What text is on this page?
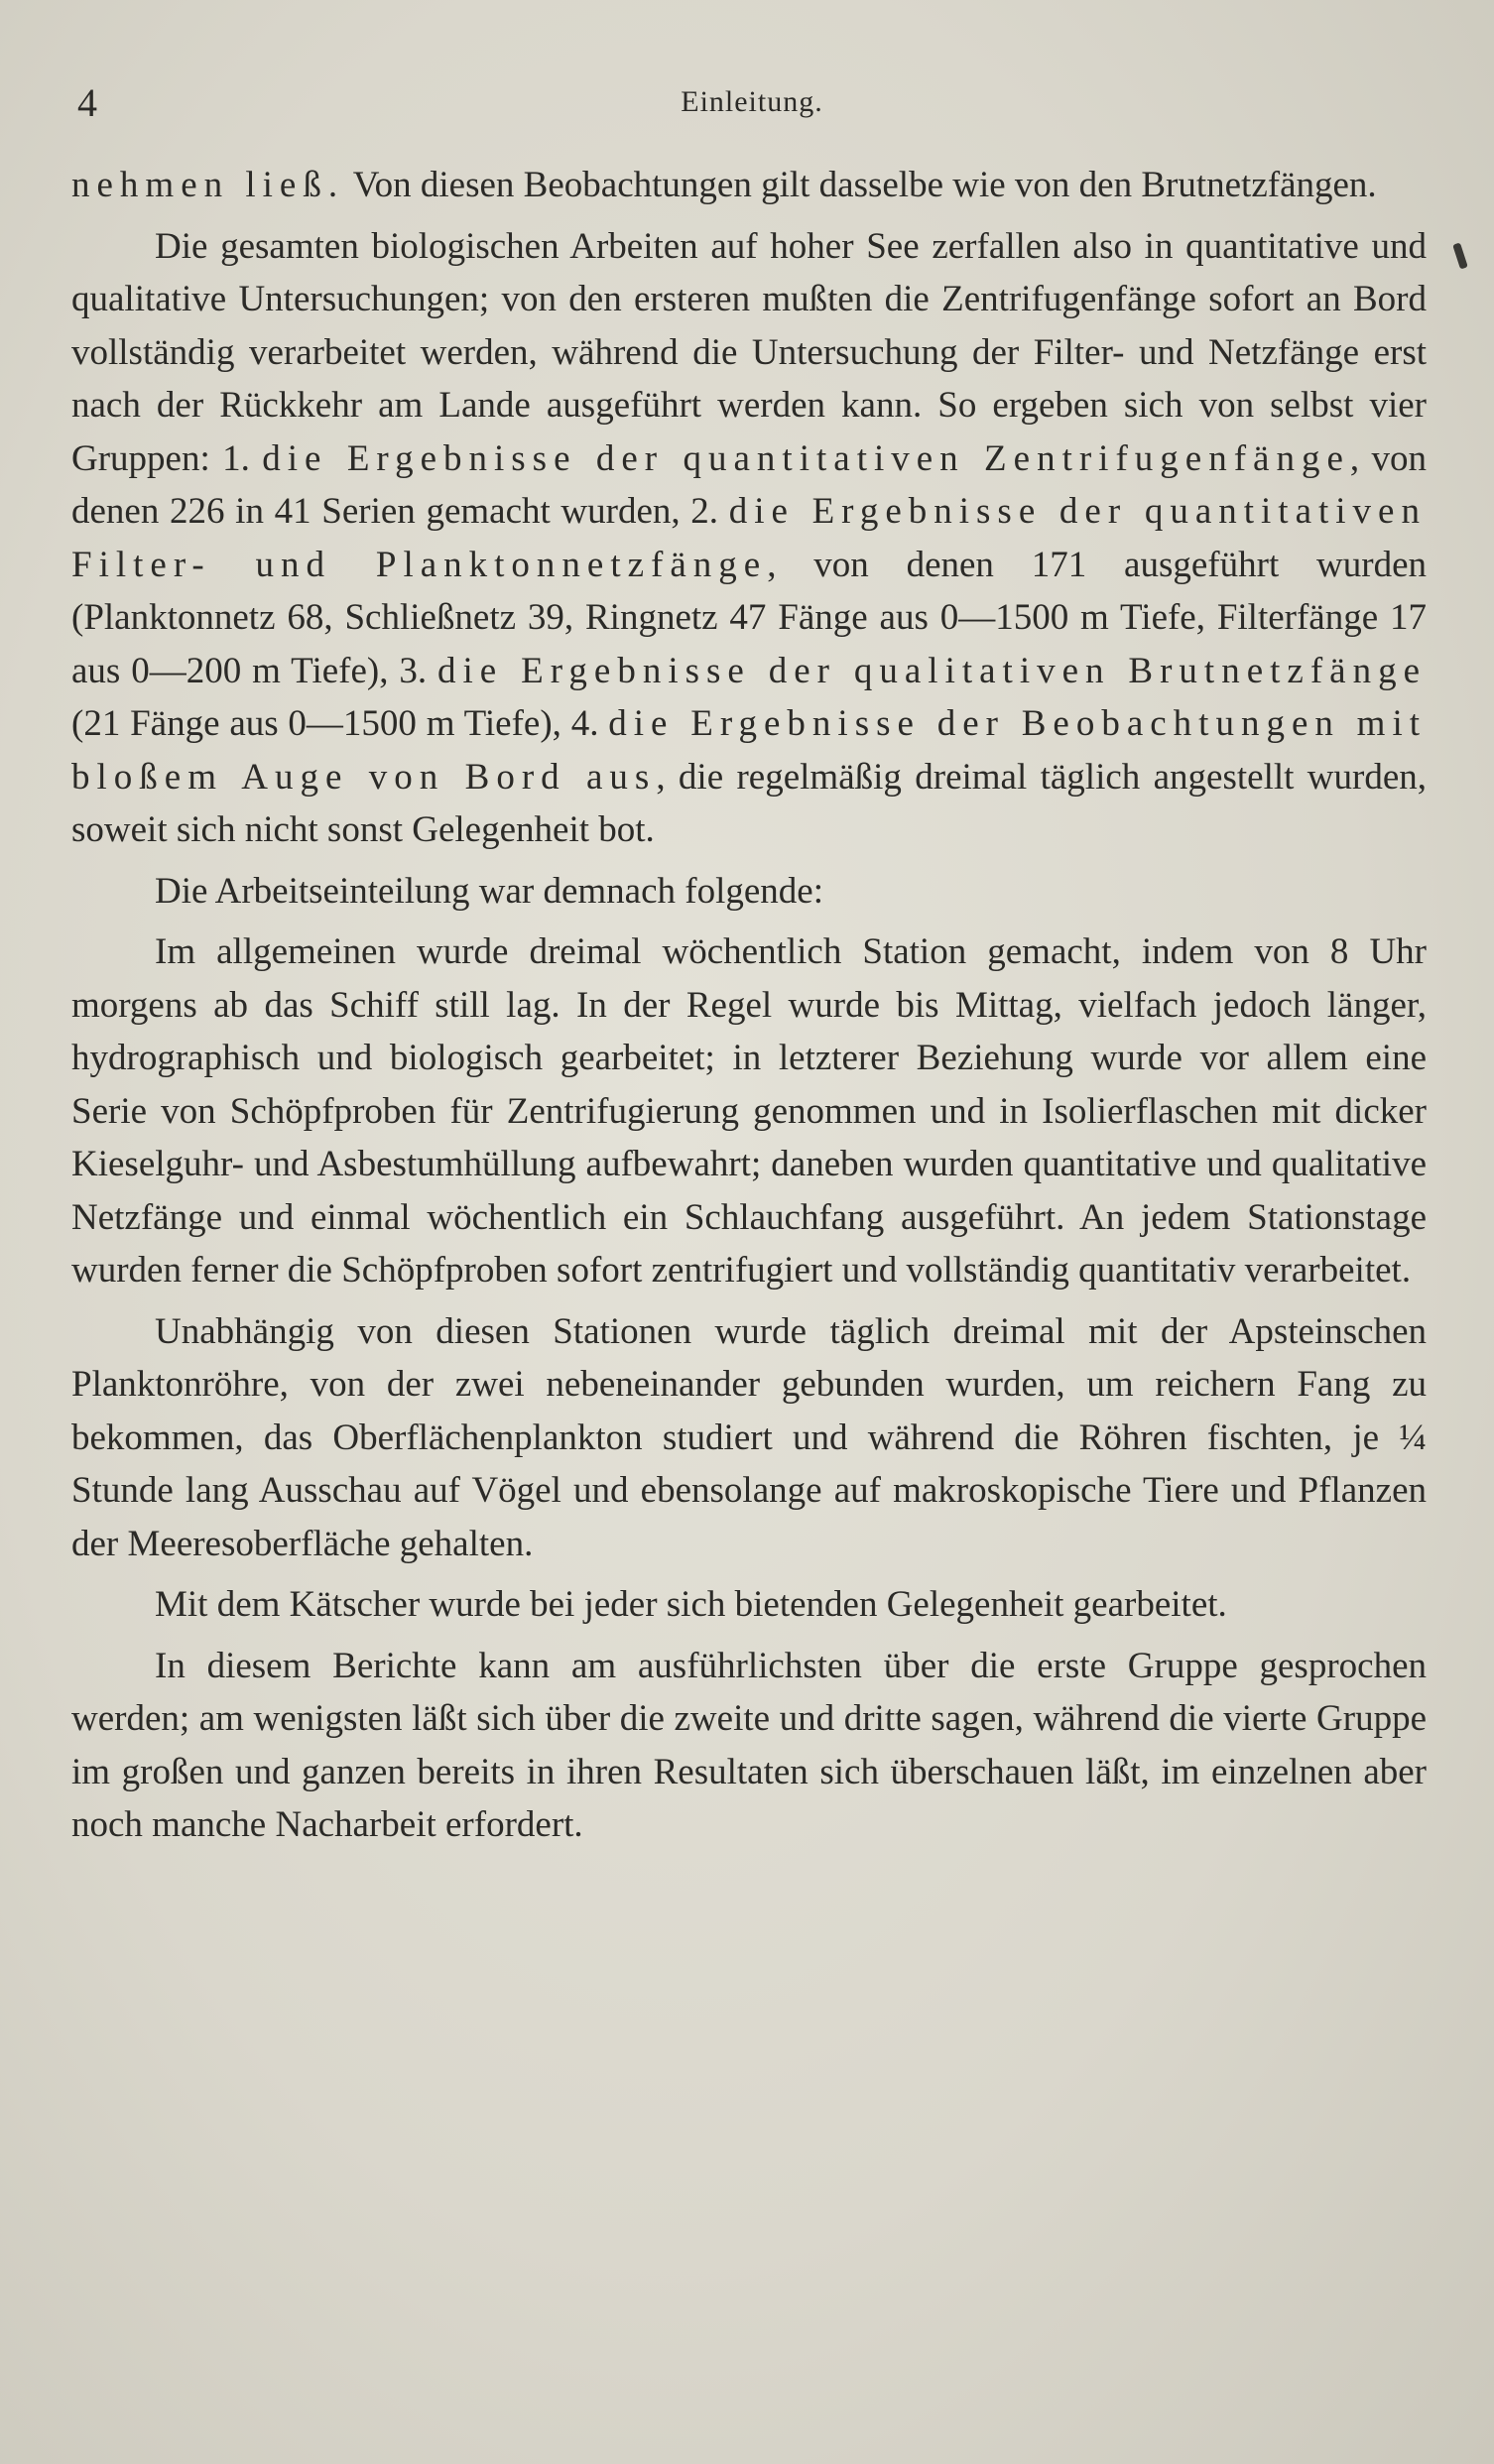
4	Einleitung.

nehmen ließ. Von diesen Beobachtungen gilt dasselbe wie von den Brutnetzfängen.

Die gesamten biologischen Arbeiten auf hoher See zerfallen also in quantitative und qualitative Untersuchungen; von den ersteren mußten die Zentrifugenfänge sofort an Bord vollständig verarbeitet werden, während die Untersuchung der Filter- und Netzfänge erst nach der Rückkehr am Lande ausgeführt werden kann. So ergeben sich von selbst vier Gruppen: 1. die Ergebnisse der quantitativen Zentrifugenfänge, von denen 226 in 41 Serien gemacht wurden, 2. die Ergebnisse der quantitativen Filter- und Planktonnetzfänge, von denen 171 ausgeführt wurden (Planktonnetz 68, Schließnetz 39, Ringnetz 47 Fänge aus 0—1500 m Tiefe, Filterfänge 17 aus 0—200 m Tiefe), 3. die Ergebnisse der qualitativen Brutnetzfänge (21 Fänge aus 0—1500 m Tiefe), 4. die Ergebnisse der Beobachtungen mit bloßem Auge von Bord aus, die regelmäßig dreimal täglich angestellt wurden, soweit sich nicht sonst Gelegenheit bot.

Die Arbeitseinteilung war demnach folgende:

Im allgemeinen wurde dreimal wöchentlich Station gemacht, indem von 8 Uhr morgens ab das Schiff still lag. In der Regel wurde bis Mittag, vielfach jedoch länger, hydrographisch und biologisch gearbeitet; in letzterer Beziehung wurde vor allem eine Serie von Schöpfproben für Zentrifugierung genommen und in Isolierflaschen mit dicker Kieselguhr- und Asbestumhüllung aufbewahrt; daneben wurden quantitative und qualitative Netzfänge und einmal wöchentlich ein Schlauchfang ausgeführt. An jedem Stationstage wurden ferner die Schöpfproben sofort zentrifugiert und vollständig quantitativ verarbeitet.

Unabhängig von diesen Stationen wurde täglich dreimal mit der Apsteinschen Planktonröhre, von der zwei nebeneinander gebunden wurden, um reichern Fang zu bekommen, das Oberflächenplankton studiert und während die Röhren fischten, je ¼ Stunde lang Ausschau auf Vögel und ebensolange auf makroskopische Tiere und Pflanzen der Meeresoberfläche gehalten.

Mit dem Kätscher wurde bei jeder sich bietenden Gelegenheit gearbeitet.

In diesem Berichte kann am ausführlichsten über die erste Gruppe gesprochen werden; am wenigsten läßt sich über die zweite und dritte sagen, während die vierte Gruppe im großen und ganzen bereits in ihren Resultaten sich überschauen läßt, im einzelnen aber noch manche Nacharbeit erfordert.
